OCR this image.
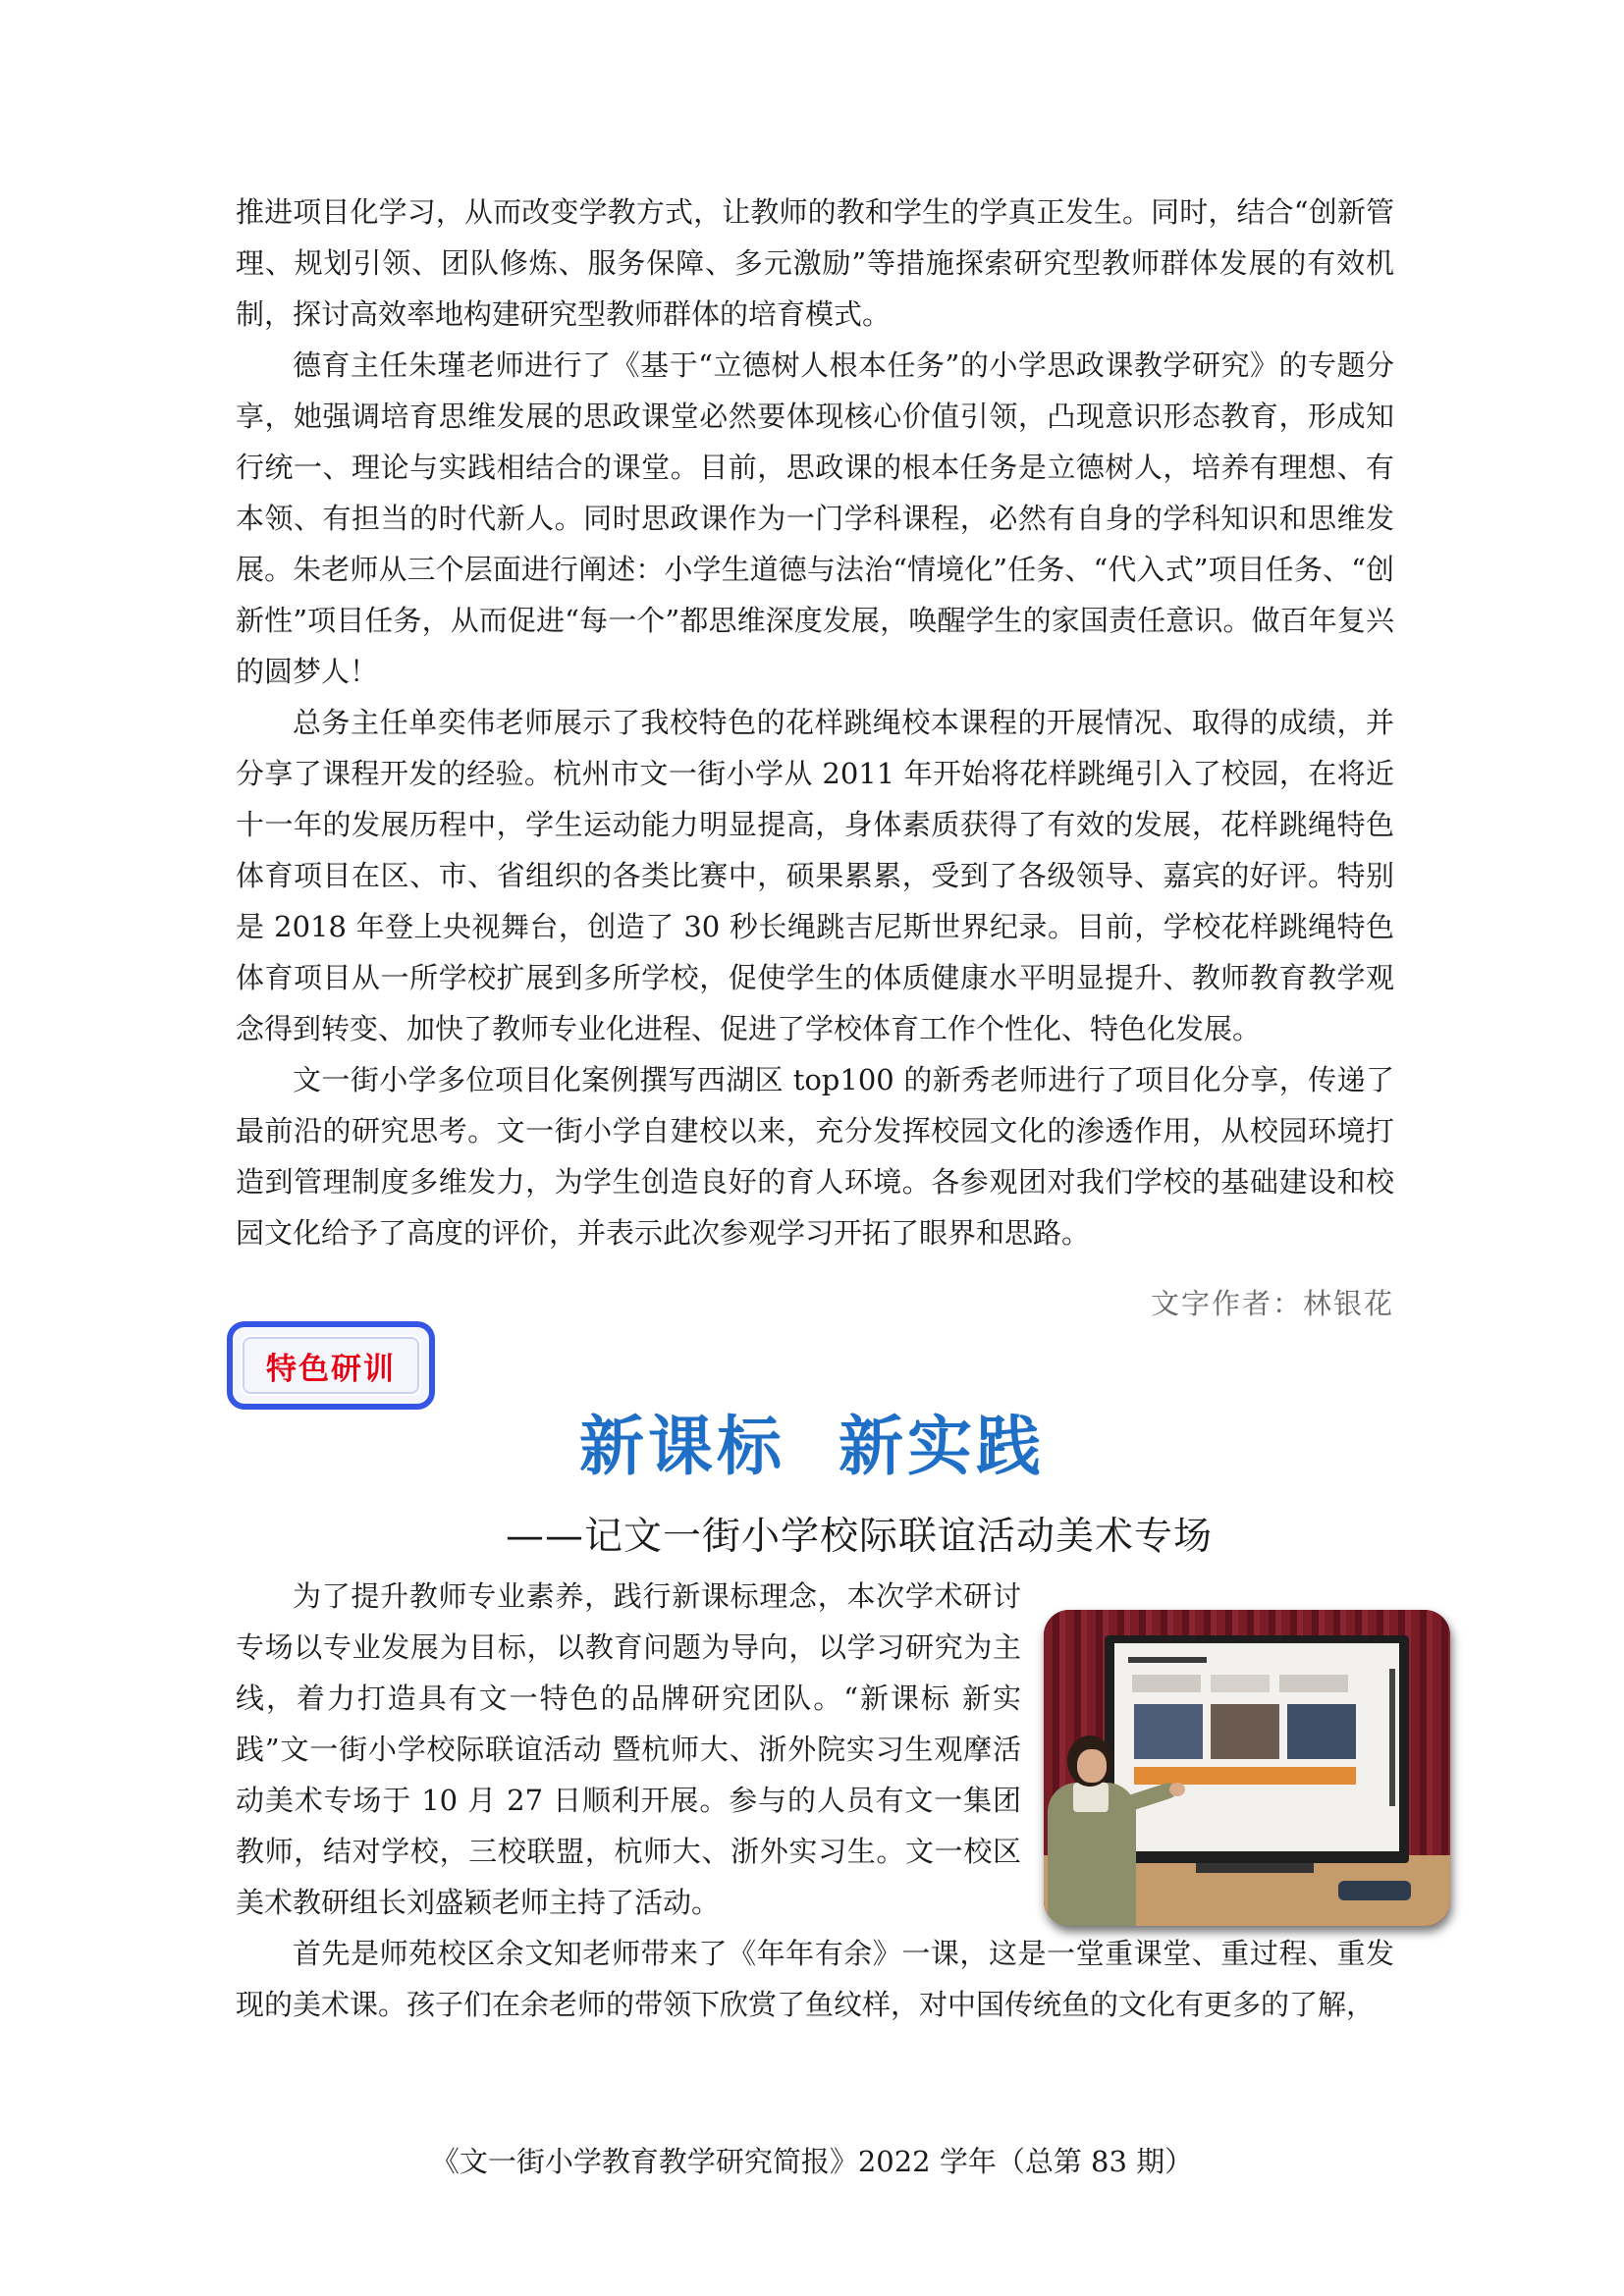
推进项目化学习，从而改变学教方式，让教师的教和学生的学真正发生。同时，结合“创新管理、规划引领、团队修炼、服务保障、多元激励”等措施探索研究型教师群体发展的有效机制，探讨高效率地构建研究型教师群体的培育模式。

德育主任朱瑾老师进行了《基于“立德树人根本任务”的小学思政课教学研究》的专题分享，她强调培育思维发展的思政课堂必然要体现核心价值引领，凸现意识形态教育，形成知行统一、理论与实践相结合的课堂。目前，思政课的根本任务是立德树人，培养有理想、有本领、有担当的时代新人。同时思政课作为一门学科课程，必然有自身的学科知识和思维发展。朱老师从三个层面进行阐述：小学生道德与法治“情境化”任务、“代入式”项目任务、“创新性”项目任务，从而促进“每一个”都思维深度发展，唤醒学生的家国责任意识。做百年复兴的圆梦人！

总务主任单奕伟老师展示了我校特色的花样跳绳校本课程的开展情况、取得的成绩，并分享了课程开发的经验。杭州市文一街小学从 2011 年开始将花样跳绳引入了校园，在将近十一年的发展历程中，学生运动能力明显提高，身体素质获得了有效的发展，花样跳绳特色体育项目在区、市、省组织的各类比赛中，硕果累累，受到了各级领导、嘉宾的好评。特别是 2018 年登上央视舞台，创造了 30 秒长绳跳吉尼斯世界纪录。目前，学校花样跳绳特色体育项目从一所学校扩展到多所学校，促使学生的体质健康水平明显提升、教师教育教学观念得到转变、加快了教师专业化进程、促进了学校体育工作个性化、特色化发展。

文一街小学多位项目化案例撰写西湖区 top100 的新秀老师进行了项目化分享，传递了最前沿的研究思考。文一街小学自建校以来，充分发挥校园文化的渗透作用，从校园环境打造到管理制度多维发力，为学生创造良好的育人环境。各参观团对我们学校的基础建设和校园文化给予了高度的评价，并表示此次参观学习开拓了眼界和思路。

文字作者：林银花
特色研训
新课标  新实践
——记文一街小学校际联谊活动美术专场

为了提升教师专业素养，践行新课标理念，本次学术研讨专场以专业发展为目标，以教育问题为导向，以学习研究为主线，着力打造具有文一特色的品牌研究团队。“新课标 新实践”文一街小学校际联谊活动 暨杭师大、浙外院实习生观摩活动美术专场于 10 月 27 日顺利开展。参与的人员有文一集团教师，结对学校，三校联盟，杭师大、浙外实习生。文一校区美术教研组长刘盛颖老师主持了活动。

首先是师苑校区余文知老师带来了《年年有余》一课，这是一堂重课堂、重过程、重发现的美术课。孩子们在余老师的带领下欣赏了鱼纹样，对中国传统鱼的文化有更多的了解，

《文一街小学教育教学研究简报》2022 学年（总第 83 期）
